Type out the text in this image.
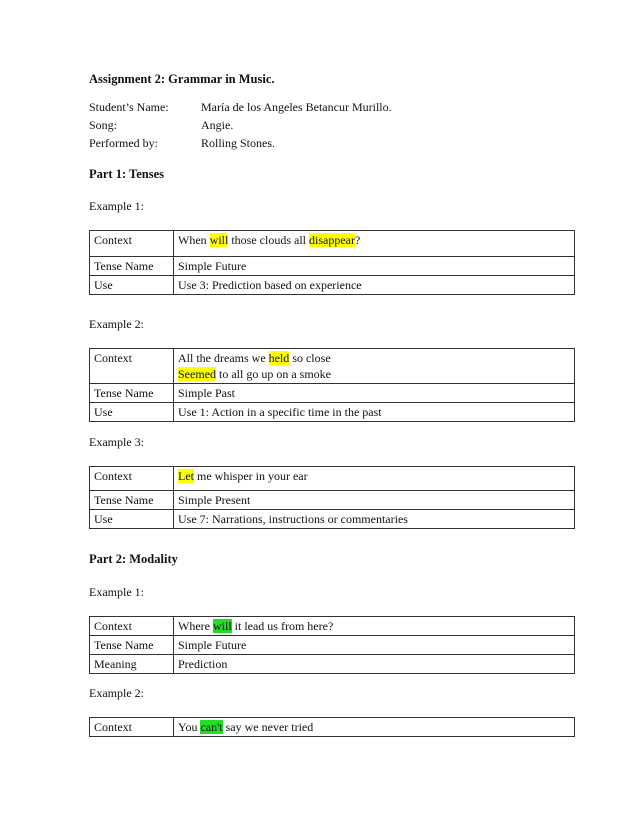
Assignment 2: Grammar in Music.
Student’s Name:	María de los Angeles Betancur Murillo.
Song:	Angie.
Performed by:	Rolling Stones.
Part 1: Tenses
Example 1:
Context	When will those clouds all disappear?
Tense Name	Simple Future
Use	Use 3: Prediction based on experience
Example 2:
Context	All the dreams we held so close
Seemed to all go up on a smoke

Tense Name	Simple Past
Use	Use 1: Action in a specific time in the past
Example 3:
Context	Let me whisper in your ear
Tense Name	Simple Present
Use	Use 7: Narrations, instructions or commentaries
Part 2: Modality
Example 1:
Context	Where will it lead us from here?
Tense Name	Simple Future
Meaning	Prediction
Example 2:
Context	You can't say we never tried
